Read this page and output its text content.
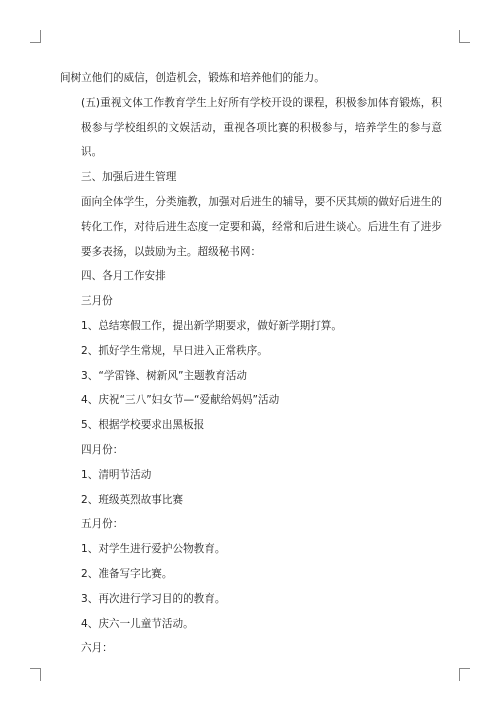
间树立他们的威信，创造机会，锻炼和培养他们的能力。

(五)重视文体工作教育学生上好所有学校开设的课程，积极参加体育锻炼，积极参与学校组织的文娱活动，重视各项比赛的积极参与，培养学生的参与意识。

三、加强后进生管理

面向全体学生，分类施教，加强对后进生的辅导，要不厌其烦的做好后进生的转化工作，对待后进生态度一定要和蔼，经常和后进生谈心。后进生有了进步要多表扬，以鼓励为主。超级秘书网：

四、各月工作安排

三月份

1、总结寒假工作，提出新学期要求，做好新学期打算。

2、抓好学生常规，早日进入正常秩序。

3、“学雷锋、树新风”主题教育活动

4、庆祝“三八”妇女节—“爱献给妈妈”活动

5、根据学校要求出黑板报

四月份：

1、清明节活动

2、班级英烈故事比赛

五月份：

1、对学生进行爱护公物教育。

2、准备写字比赛。

3、再次进行学习目的的教育。

4、庆六一儿童节活动。

六月：
